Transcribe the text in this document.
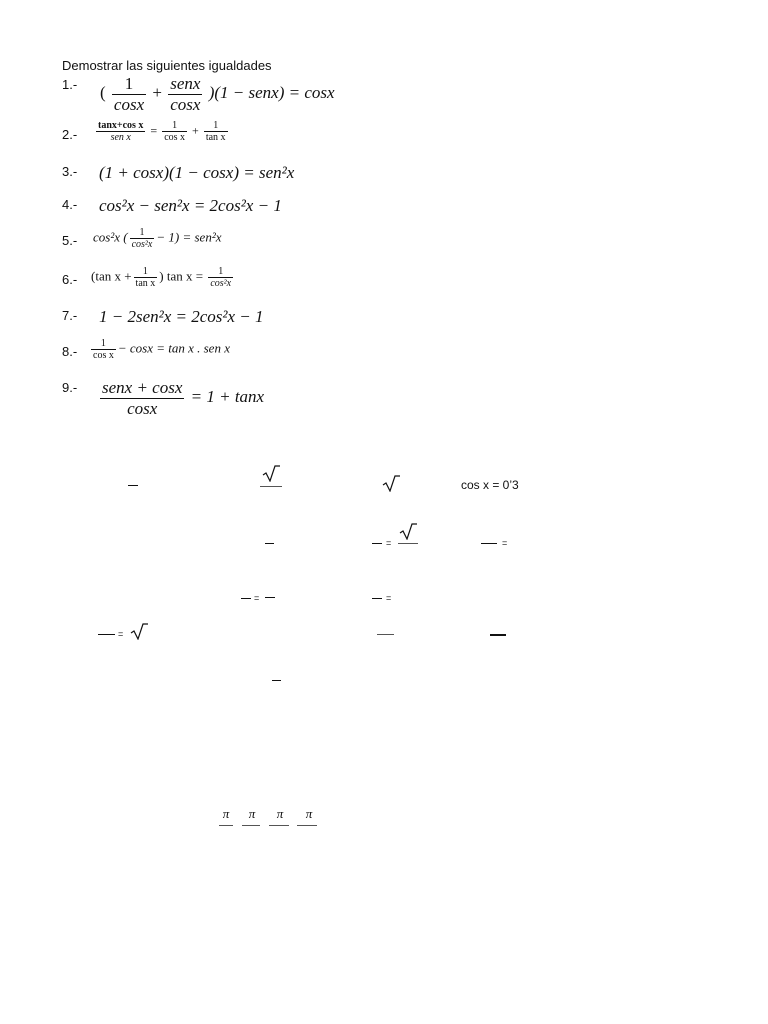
Demostrar las siguientes igualdades
1.-
2.-
3.-
4.-
5.-
6.-
7.-
8.-
9.-
( $\frac{1}{\cos x} + \frac{\text{senx}}{\cos x} )(1$ − senx) = cosx
$\frac{\text{tanx+cos x}}{\text{sen x}} = \frac{1}{\text{cos x}} + \frac{1}{\text{tan x}}$
(1 + cosx)(1 − cosx) = sen²x
cos²x − sen²x = 2cos²x − 1
cos²x ( $\frac{1}{\text{cos²x}} - 1) = sen^2x$
(tan $x + \frac{1}{\text{tan x}}$ ) $\tan x = \frac{1}{\text{cos²x}}$
1 − 2sen²x = 2cos²x − 1
$\frac{1}{\text{cos x}} - \cos x = \tan x$ . sen x
$\frac{\text{senx + cosx}}{\cos x} = 1 + \tan x$
cos x = 0’3
=	=
=	=
=
π π π π
